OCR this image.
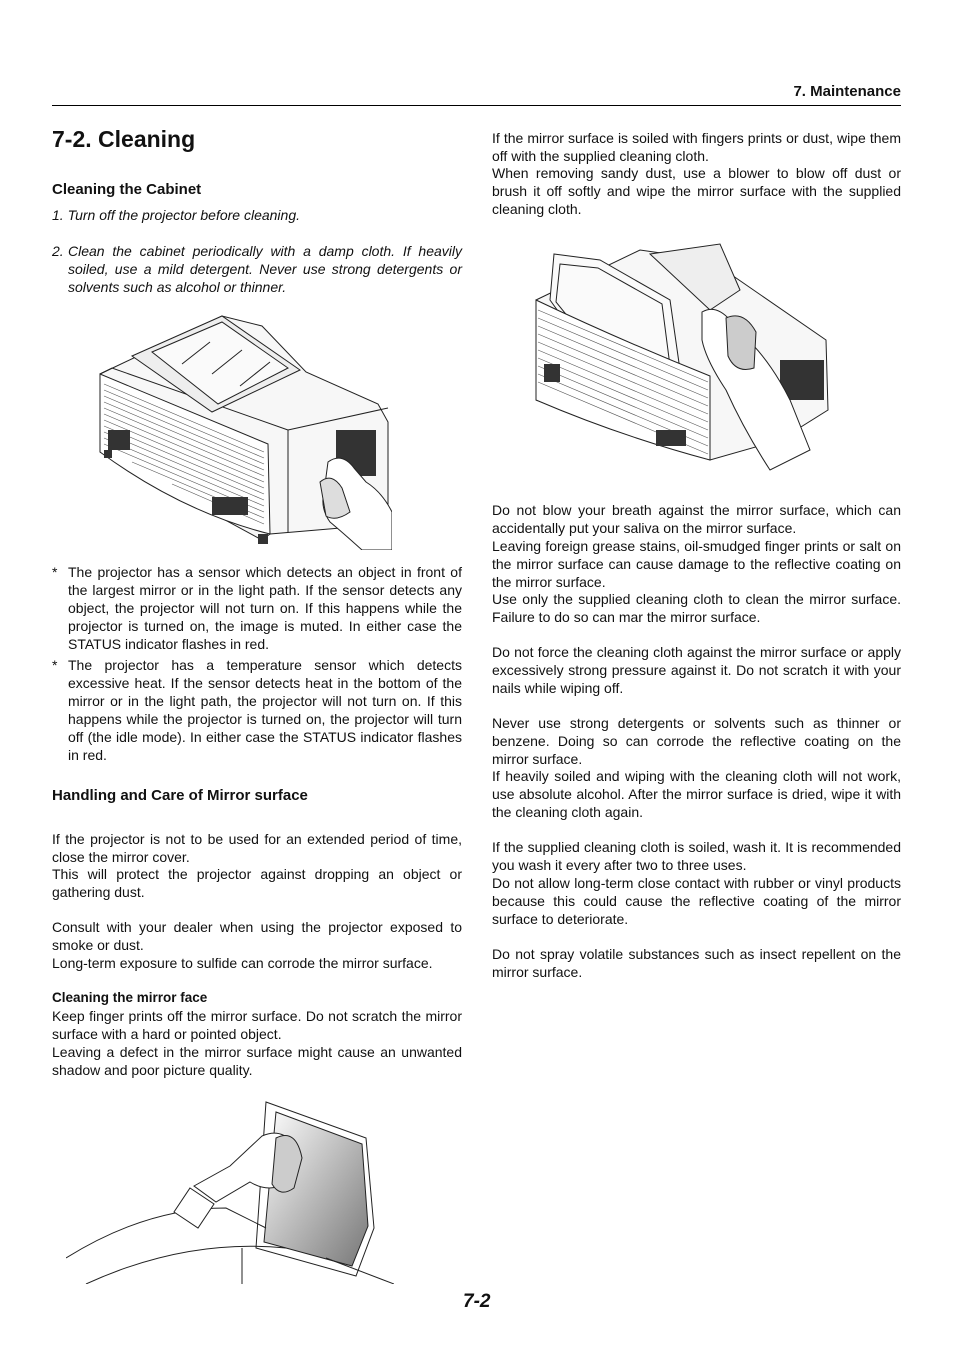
7. Maintenance
7-2. Cleaning
Cleaning the Cabinet
1. Turn off the projector before cleaning.
2. Clean the cabinet periodically with a damp cloth. If heavily soiled, use a mild detergent. Never use strong detergents or solvents such as alcohol or thinner.
* The projector has a sensor which detects an object in front of the largest mirror or in the light path. If the sensor detects any object, the projector will not turn on. If this happens while the projector is turned on, the image is muted. In either case the STATUS indicator flashes in red.
* The projector has a temperature sensor which detects excessive heat. If the sensor detects heat in the bottom of the mirror or in the light path, the projector will not turn on. If this happens while the projector is turned on, the projector will turn off (the idle mode). In either case the STATUS indicator flashes in red.
Handling and Care of Mirror surface
If the projector is not to be used for an extended period of time, close the mirror cover.
This will protect the projector against dropping an object or gathering dust.
Consult with your dealer when using the projector exposed to smoke or dust.
Long-term exposure to sulfide can corrode the mirror surface.
Cleaning the mirror face
Keep finger prints off the mirror surface. Do not scratch the mirror surface with a hard or pointed object.
Leaving a defect in the mirror surface might cause an unwanted shadow and poor picture quality.
If the mirror surface is soiled with fingers prints or dust, wipe them off with the supplied cleaning cloth.
When removing sandy dust, use a blower to blow off dust or brush it off softly and wipe the mirror surface with the supplied cleaning cloth.
Do not blow your breath against the mirror surface, which can accidentally put your saliva on the mirror surface.
Leaving foreign grease stains, oil-smudged finger prints or salt on the mirror surface can cause damage to the reflective coating on the mirror surface.
Use only the supplied cleaning cloth to clean the mirror surface. Failure to do so can mar the mirror surface.
Do not force the cleaning cloth against the mirror surface or apply excessively strong pressure against it. Do not scratch it with your nails while wiping off.
Never use strong detergents or solvents such as thinner or benzene. Doing so can corrode the reflective coating on the mirror surface.
If heavily soiled and wiping with the cleaning cloth will not work, use absolute alcohol. After the mirror surface is dried, wipe it with the cleaning cloth again.
If the supplied cleaning cloth is soiled, wash it. It is recommended you wash it every after two to three uses.
Do not allow long-term close contact with rubber or vinyl products because this could cause the reflective coating of the mirror surface to deteriorate.
Do not spray volatile substances such as insect repellent on the mirror surface.
7-2
